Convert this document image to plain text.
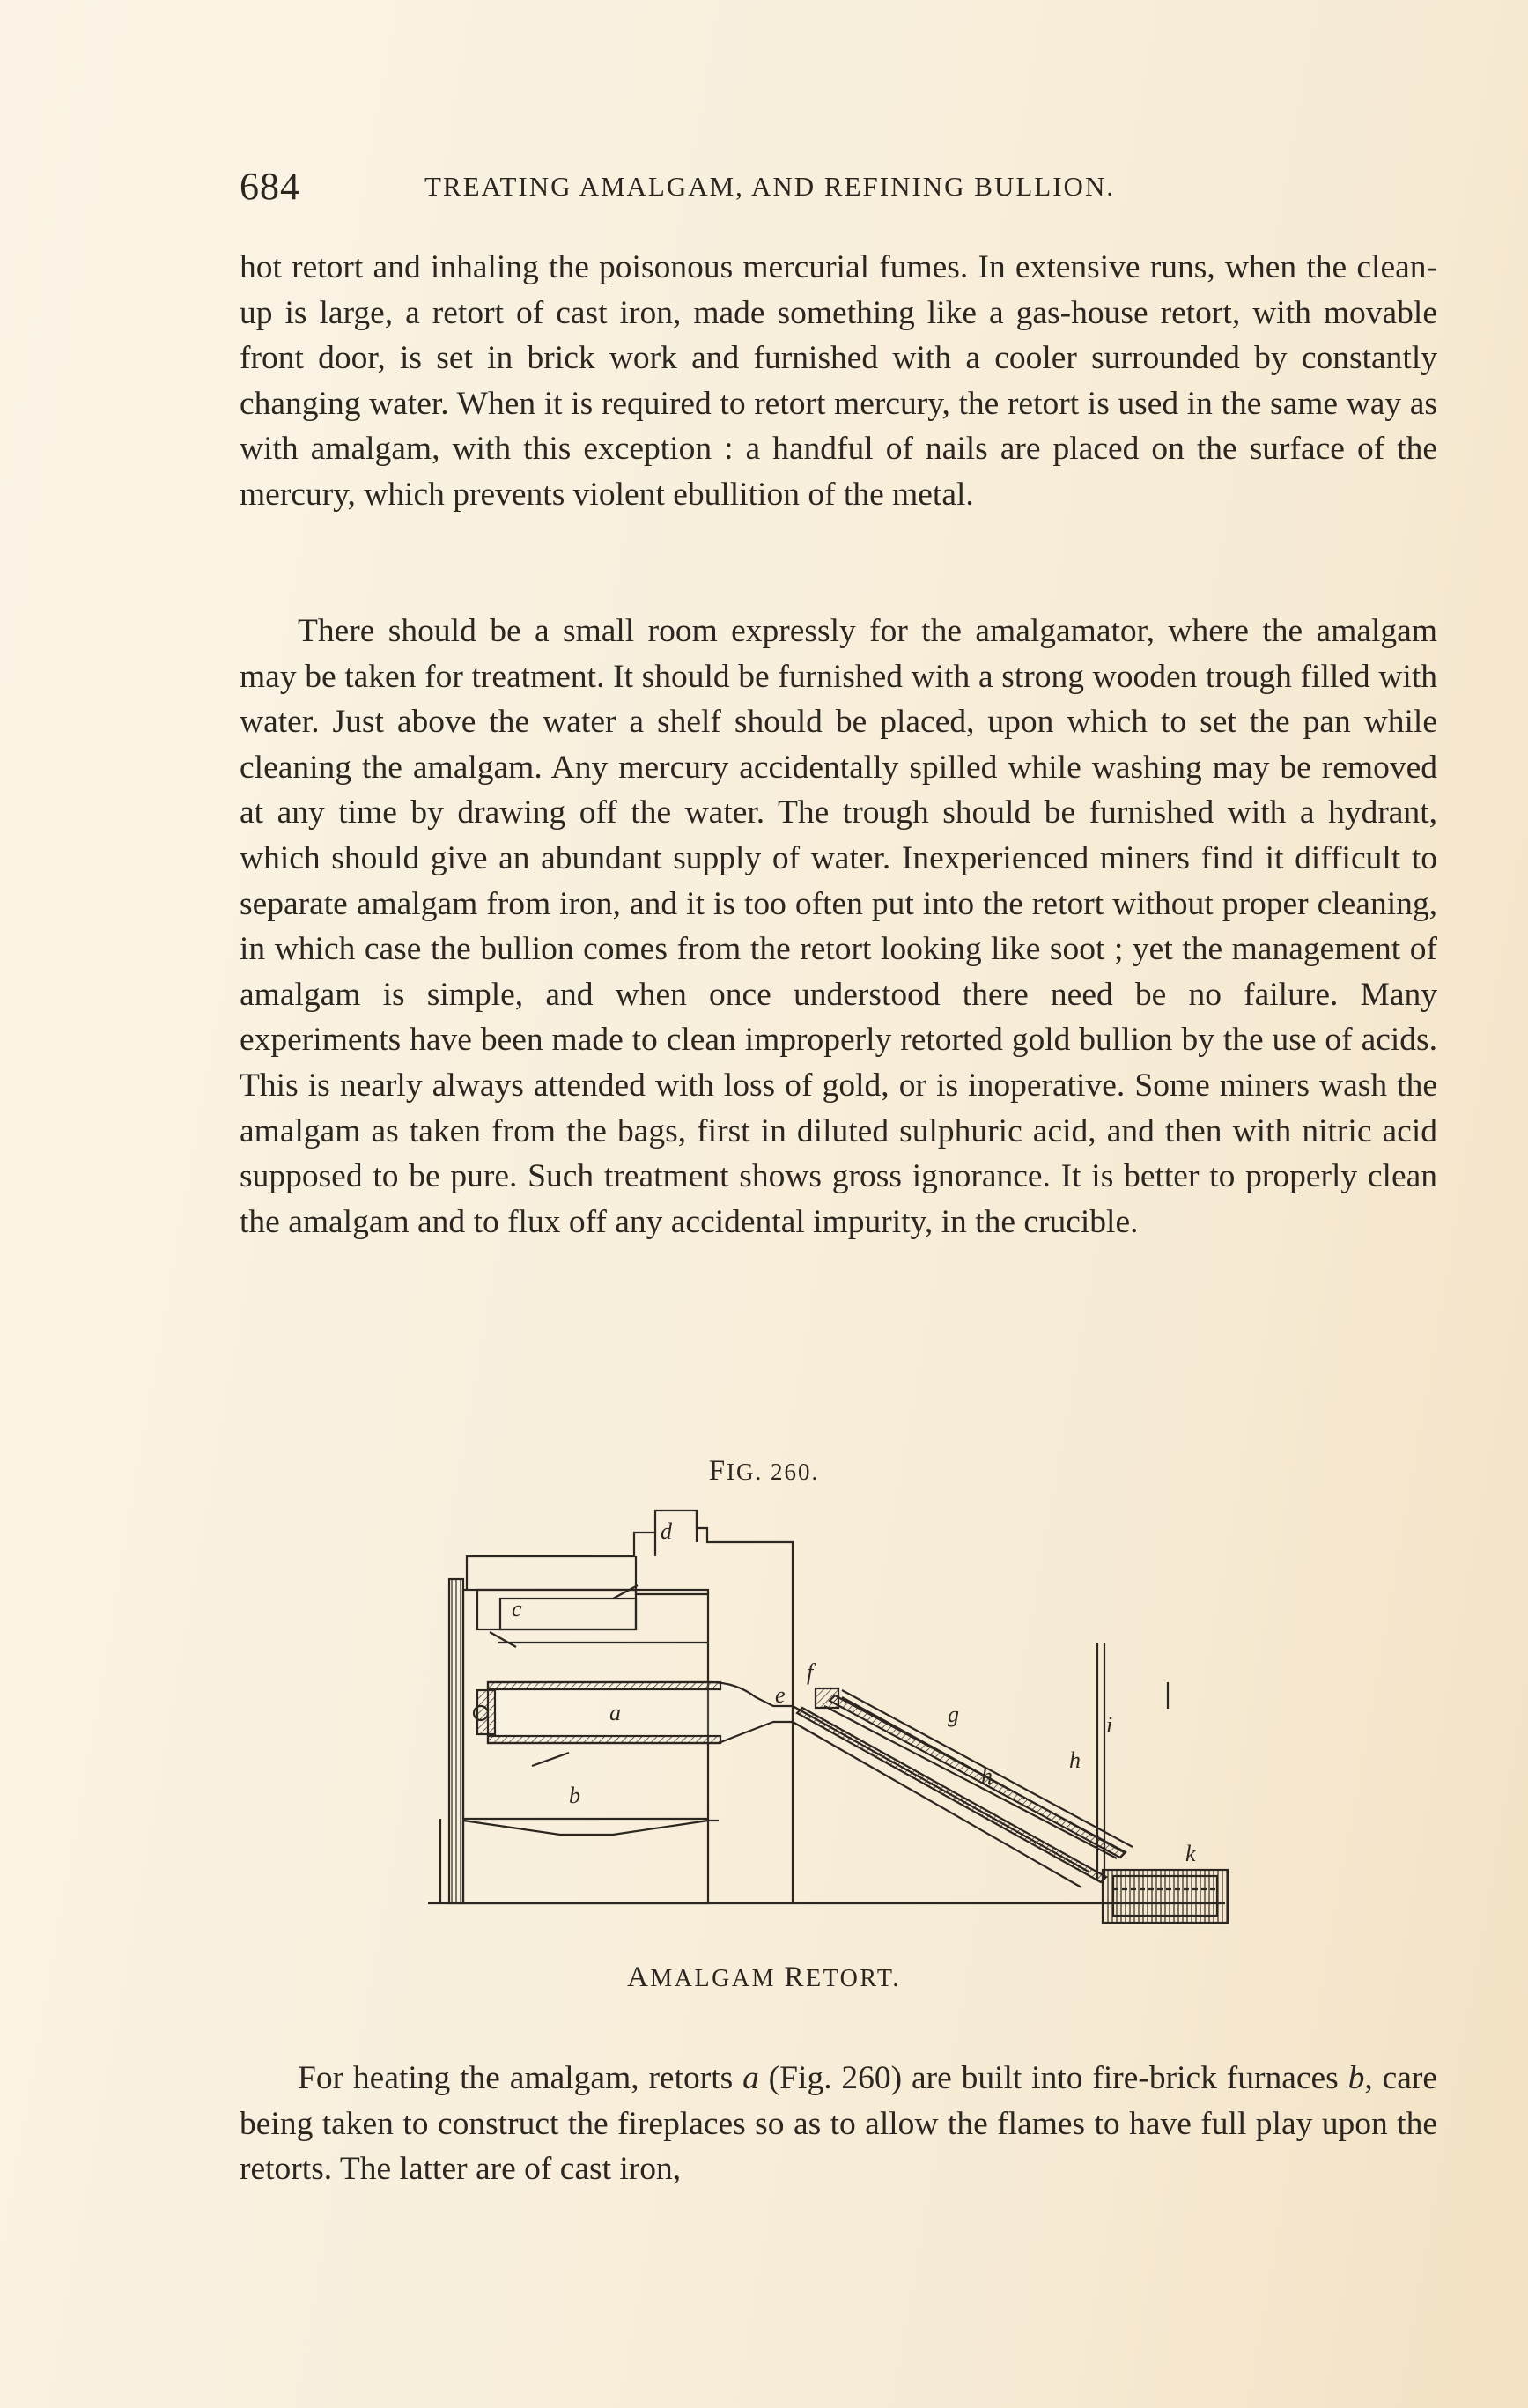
684	TREATING AMALGAM, AND REFINING BULLION.

hot retort and inhaling the poisonous mercurial fumes. In extensive runs, when the clean-up is large, a retort of cast iron, made something like a gas-house retort, with movable front door, is set in brick work and furnished with a cooler surrounded by constantly changing water. When it is required to retort mercury, the retort is used in the same way as with amalgam, with this exception : a handful of nails are placed on the surface of the mercury, which prevents violent ebullition of the metal.

There should be a small room expressly for the amalgamator, where the amalgam may be taken for treatment. It should be furnished with a strong wooden trough filled with water. Just above the water a shelf should be placed, upon which to set the pan while cleaning the amalgam. Any mercury accidentally spilled while washing may be removed at any time by drawing off the water. The trough should be furnished with a hydrant, which should give an abundant supply of water. Inexperienced miners find it difficult to separate amalgam from iron, and it is too often put into the retort without proper cleaning, in which case the bullion comes from the retort looking like soot ; yet the management of amalgam is simple, and when once understood there need be no failure. Many experiments have been made to clean improperly retorted gold bullion by the use of acids. This is nearly always attended with loss of gold, or is inoperative. Some miners wash the amalgam as taken from the bags, first in diluted sulphuric acid, and then with nitric acid supposed to be pure. Such treatment shows gross ignorance. It is better to properly clean the amalgam and to flux off any accidental impurity, in the crucible.

FIG. 260.
d
c
a
b
e
f
g
h
h
i
k
AMALGAM RETORT.

For heating the amalgam, retorts a (Fig. 260) are built into fire-brick furnaces b, care being taken to construct the fireplaces so as to allow the flames to have full play upon the retorts. The latter are of cast iron,
